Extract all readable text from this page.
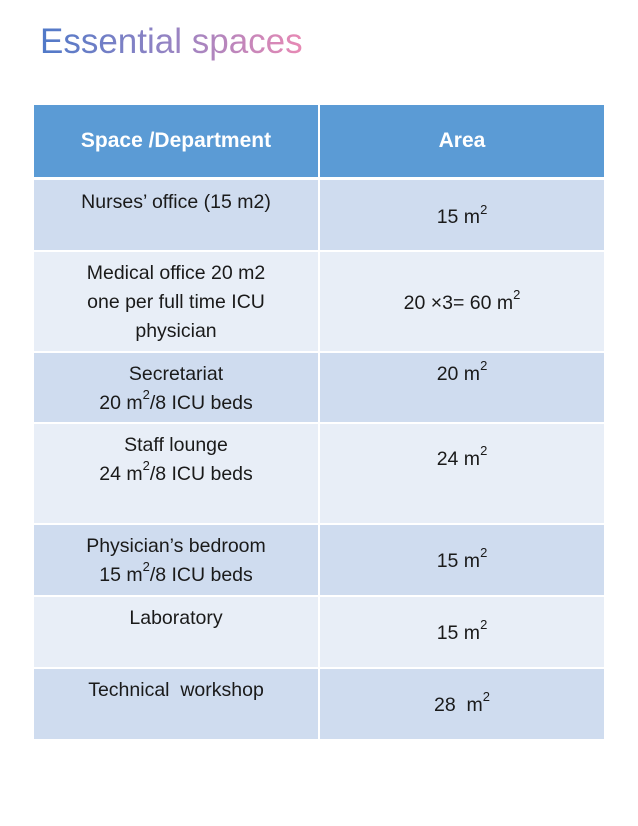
Essential spaces
Space /Department	Area

Nurses’ office (15 m2)	15 $m^2$

Medical office 20 m2
one per full time ICU
physician	20 ×3= 60 $m^2$

Secretariat
20 $m^2/8$ ICU beds	20 $m^2$

Staff lounge
24 $m^2/8$ ICU beds	24 $m^2$

Physician’s bedroom
15 $m^2/8$ ICU beds	15 $m^2$

Laboratory	15 $m^2$

Technical  workshop	28  $m^2$
